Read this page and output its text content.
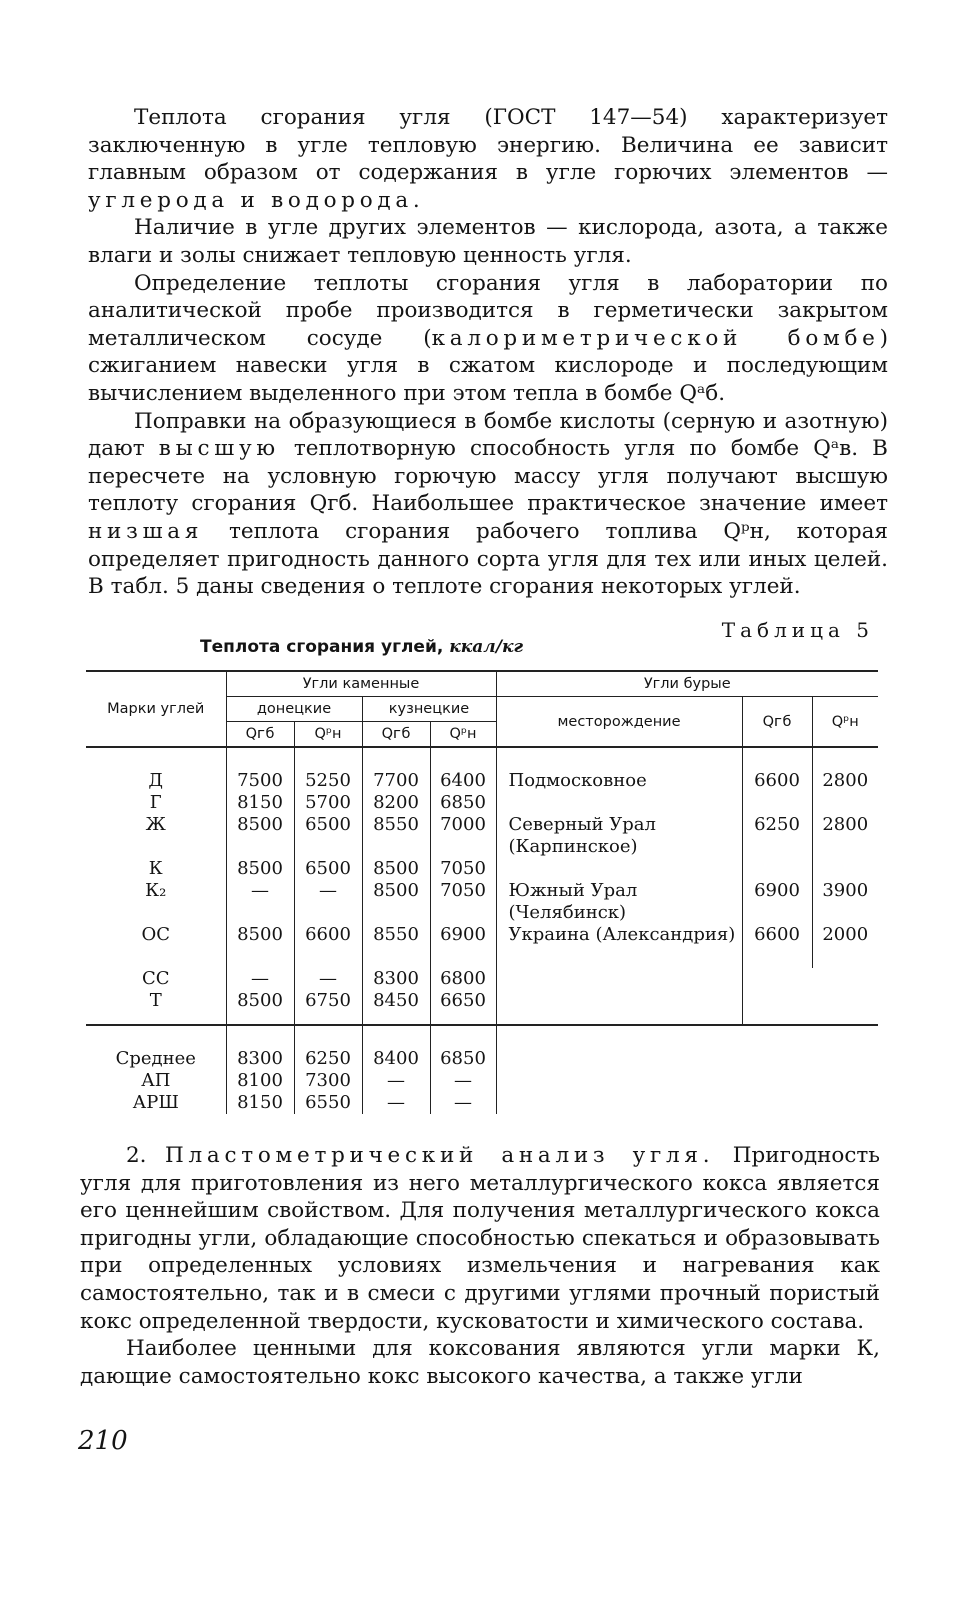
Теплота сгорания угля (ГОСТ 147—54) характеризует заключенную в угле тепловую энергию. Величина ее зависит главным образом от содержания в угле горючих элементов — углерода и водорода.

Наличие в угле других элементов — кислорода, азота, а также влаги и золы снижает тепловую ценность угля.

Определение теплоты сгорания угля в лаборатории по аналитической пробе производится в герметически закрытом металлическом сосуде (калориметрической бомбе) сжиганием навески угля в сжатом кислороде и последующим вычислением выделенного при этом тепла в бомбе Qᵃб.

Поправки на образующиеся в бомбе кислоты (серную и азотную) дают высшую теплотворную способность угля по бомбе Qᵃв. В пересчете на условную горючую массу угля получают высшую теплоту сгорания Qᴦб. Наибольшее практическое значение имеет низшая теплота сгорания рабочего топлива Qᵖн, которая определяет пригодность данного сорта угля для тех или иных целей. В табл. 5 даны сведения о теплоте сгорания некоторых углей.

Таблица 5
Теплота сгорания углей, ккал/кг
Марки углей	Угли каменные				Угли бурые		
	донецкие		кузнецкие		месторождение	Qᴦб	Qᵖн
	Qᴦб	Qᵖн	Qᴦб	Qᵖн			
Д	7500	5250	7700	6400	Подмосковное	6600	2800
Г	8150	5700	8200	6850			
Ж	8500	6500	8550	7000	Северный Урал (Карпинское)	6250	2800
К	8500	6500	8500	7050			
К₂	—	—	8500	7050	Южный Урал (Челябинск)	6900	3900
ОС	8500	6600	8550	6900	Украина (Александрия)	6600	2000
СС	—	—	8300	6800			
Т	8500	6750	8450	6650			
Среднее	8300	6250	8400	6850			
АП	8100	7300	—	—			
АРШ	8150	6550	—	—			

2. Пластометрический анализ угля. Пригодность угля для приготовления из него металлургического кокса является его ценнейшим свойством. Для получения металлургического кокса пригодны угли, обладающие способностью спекаться и образовывать при определенных условиях измельчения и нагревания как самостоятельно, так и в смеси с другими углями прочный пористый кокс определенной твердости, кусковатости и химического состава.

Наиболее ценными для коксования являются угли марки К, дающие самостоятельно кокс высокого качества, а также угли

210
